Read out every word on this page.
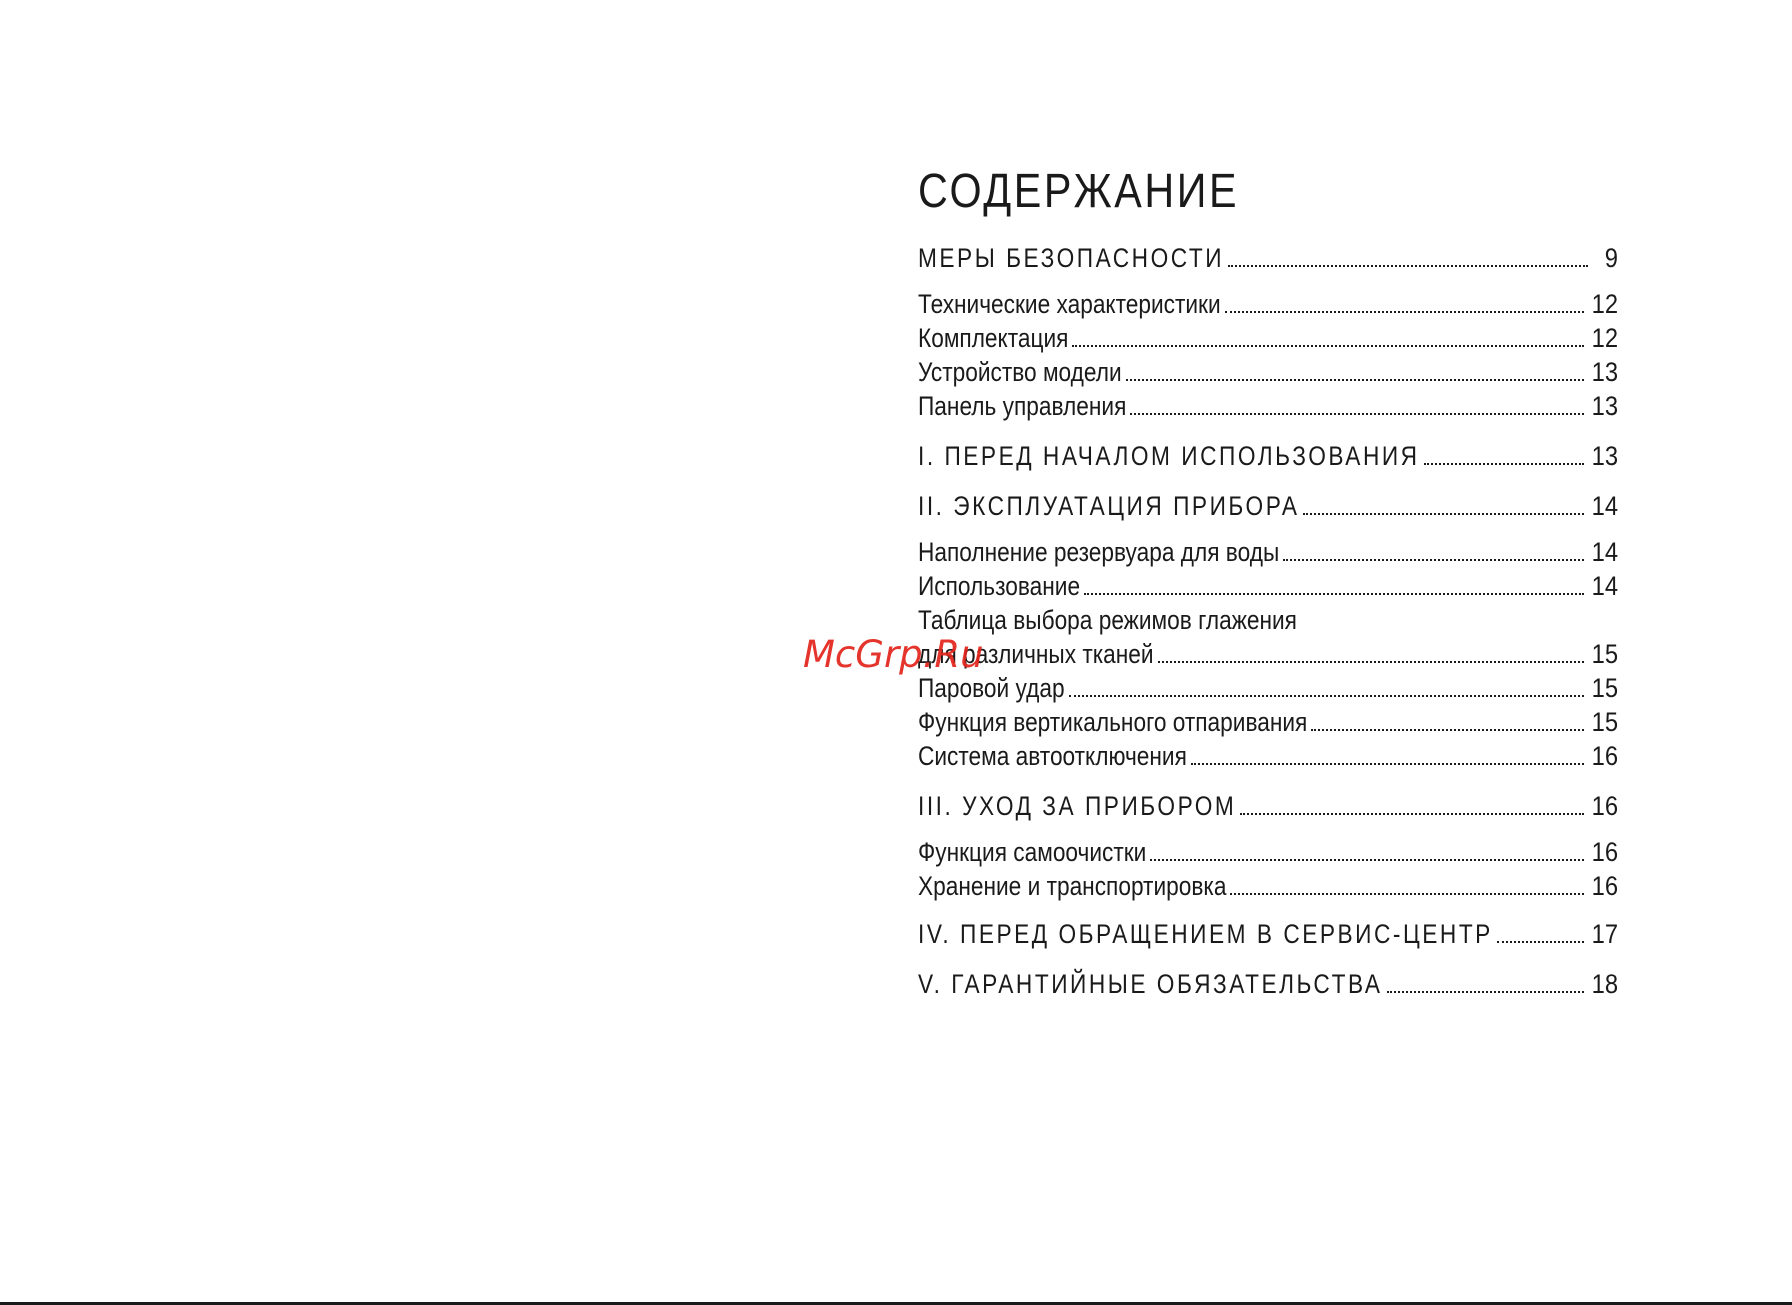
СОДЕРЖАНИЕ
МЕРЫ БЕЗОПАСНОСТИ	9
Технические характеристики	12
Комплектация	12
Устройство модели	13
Панель управления	13
I. ПЕРЕД НАЧАЛОМ ИСПОЛЬЗОВАНИЯ	13
II. ЭКСПЛУАТАЦИЯ ПРИБОРА	14
Наполнение резервуара для воды	14
Использование	14
Таблица выбора режимов глажения
для различных тканей	15
Паровой удар	15
Функция вертикального отпаривания	15
Система автоотключения	16
III. УХОД ЗА ПРИБОРОМ	16
Функция самоочистки	16
Хранение и транспортировка	16
IV. ПЕРЕД ОБРАЩЕНИЕМ В СЕРВИС-ЦЕНТР	17
V. ГАРАНТИЙНЫЕ ОБЯЗАТЕЛЬСТВА	18
McGrp.Ru
